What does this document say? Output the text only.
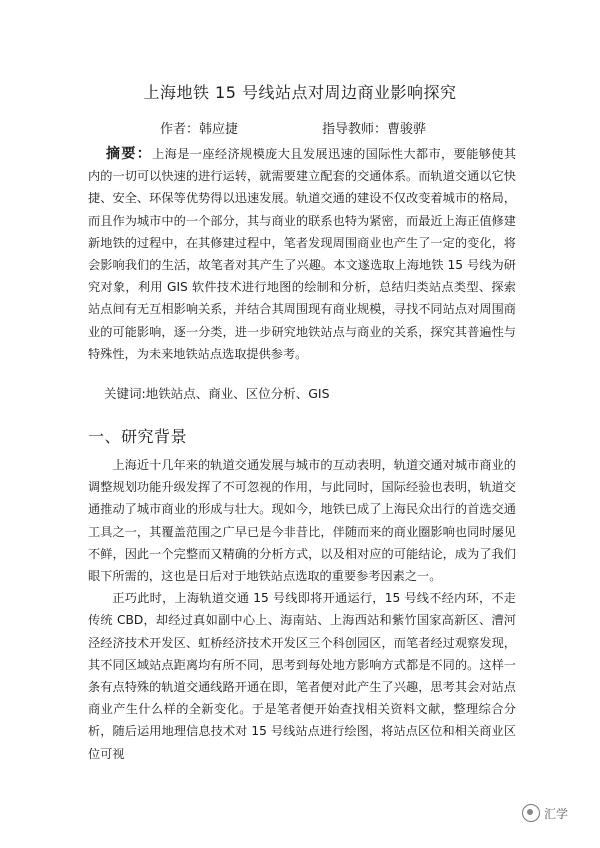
上海地铁 15 号线站点对周边商业影响探究
作者：韩应捷	指导教师：曹骏骅
摘要：上海是一座经济规模庞大且发展迅速的国际性大都市，要能够使其内的一切可以快速的进行运转，就需要建立配套的交通体系。而轨道交通以它快捷、安全、环保等优势得以迅速发展。轨道交通的建设不仅改变着城市的格局，而且作为城市中的一个部分，其与商业的联系也特为紧密，而最近上海正值修建新地铁的过程中，在其修建过程中，笔者发现周围商业也产生了一定的变化，将会影响我们的生活，故笔者对其产生了兴趣。本文遂选取上海地铁 15 号线为研究对象，利用 GIS 软件技术进行地图的绘制和分析，总结归类站点类型、探索站点间有无互相影响关系，并结合其周围现有商业规模，寻找不同站点对周围商业的可能影响，逐一分类，进一步研究地铁站点与商业的关系，探究其普遍性与特殊性，为未来地铁站点选取提供参考。
关键词:地铁站点、商业、区位分析、GIS
一、研究背景

上海近十几年来的轨道交通发展与城市的互动表明，轨道交通对城市商业的调整规划功能升级发挥了不可忽视的作用，与此同时，国际经验也表明，轨道交通推动了城市商业的形成与壮大。现如今，地铁已成了上海民众出行的首选交通工具之一，其覆盖范围之广早已是今非昔比，伴随而来的商业圈影响也同时屡见不鲜，因此一个完整而又精确的分析方式，以及相对应的可能结论，成为了我们眼下所需的，这也是日后对于地铁站点选取的重要参考因素之一。

正巧此时，上海轨道交通 15 号线即将开通运行，15 号线不经内环，不走传统 CBD，却经过真如副中心上、海南站、上海西站和紫竹国家高新区、漕河泾经济技术开发区、虹桥经济技术开发区三个科创园区，而笔者经过观察发现，其不同区域站点距离均有所不同，思考到每处地方影响方式都是不同的。这样一条有点特殊的轨道交通线路开通在即，笔者便对此产生了兴趣，思考其会对站点商业产生什么样的全新变化。于是笔者便开始查找相关资料文献，整理综合分析，随后运用地理信息技术对 15 号线站点进行绘图，将站点区位和相关商业区位可视

汇学
